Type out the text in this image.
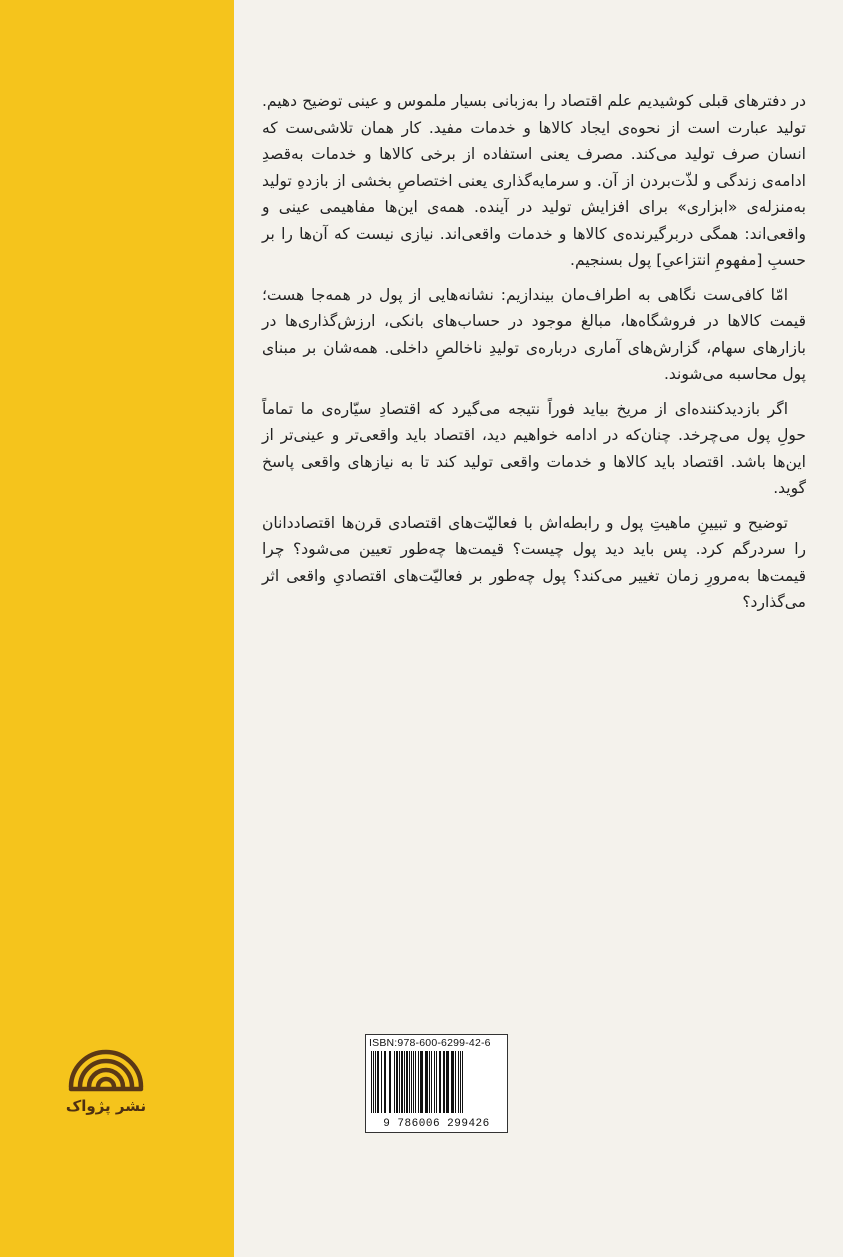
در دفترهای قبلی کوشیدیم علم اقتصاد را به‌زبانی بسیار ملموس و عینی توضیح دهیم. تولید عبارت است از نحوه‌ی ایجاد کالاها و خدمات مفید. کار همان تلاشی‌ست که انسان صرف تولید می‌کند. مصرف یعنی استفاده از برخی کالاها و خدمات به‌قصدِ ادامه‌ی زندگی و لذّت‌بردن از آن. و سرمایه‌گذاری یعنی اختصاصِ بخشی از بازدهِ تولید به‌منزله‌ی «ابزاری» برای افزایش تولید در آینده. همه‌ی این‌ها مفاهیمی عینی و واقعی‌اند: همگی دربرگیرنده‌ی کالاها و خدمات واقعی‌اند. نیازی نیست که آن‌ها را بر حسبِ [مفهومِ انتزاعیِ] پول بسنجیم.

امّا کافی‌ست نگاهی به اطراف‌مان بیندازیم: نشانه‌هایی از پول در همه‌جا هست؛ قیمت کالاها در فروشگاه‌ها، مبالغ موجود در حساب‌های بانکی، ارزش‌گذاری‌ها در بازارهای سهام، گزارش‌های آماری درباره‌ی تولیدِ ناخالصِ داخلی. همه‌شان بر مبنای پول محاسبه می‌شوند.

اگر بازدیدکننده‌ای از مریخ بیاید فوراً نتیجه می‌گیرد که اقتصادِ سیّاره‌ی ما تماماً حولِ پول می‌چرخد. چنان‌که در ادامه خواهیم دید، اقتصاد باید واقعی‌تر و عینی‌تر از این‌ها باشد. اقتصاد باید کالاها و خدمات واقعی تولید کند تا به نیازهای واقعی پاسخ گوید.

توضیح و تبیینِ ماهیتِ پول و رابطه‌اش با فعالیّت‌های اقتصادی قرن‌ها اقتصاددانان را سردرگم کرد. پس باید دید پول چیست؟ قیمت‌ها چه‌طور تعیین می‌شود؟ چرا قیمت‌ها به‌مرورِ زمان تغییر می‌کند؟ پول چه‌طور بر فعالیّت‌های اقتصادیِ واقعی اثر می‌گذارد؟

نشر پژواک
ISBN:978-600-6299-42-6
9 786006 299426
